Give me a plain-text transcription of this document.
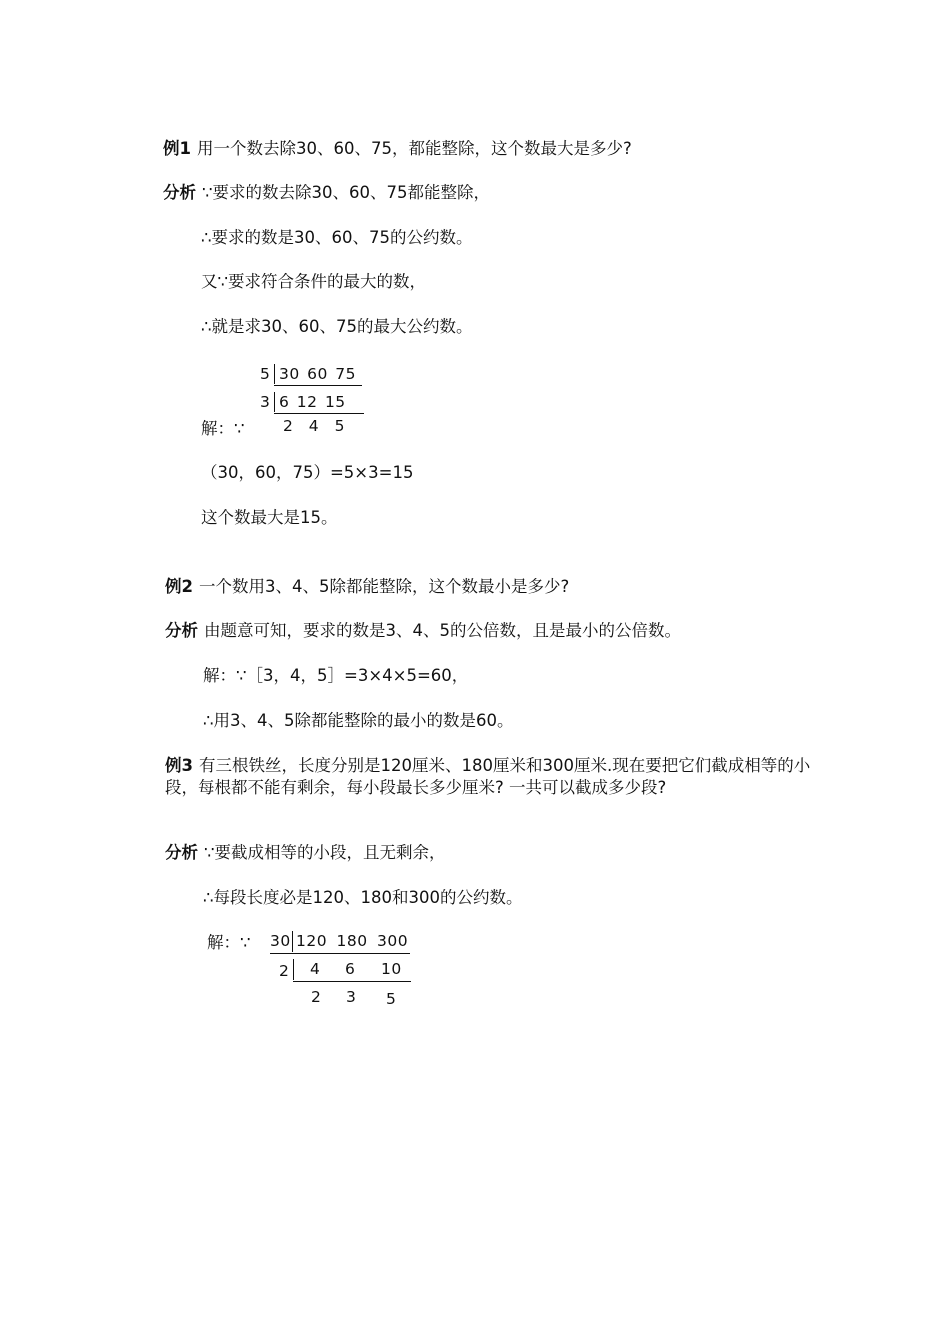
例1 用一个数去除30、60、75，都能整除，这个数最大是多少?
分析 ∵要求的数去除30、60、75都能整除，
∴要求的数是30、60、75的公约数。
又∵要求符合条件的最大的数，
∴就是求30、60、75的最大公约数。
5 30 60 75
3 6 12 15
2 4 5
解：∵
（30，60，75）=5×3=15
这个数最大是15。
例2 一个数用3、4、5除都能整除，这个数最小是多少?
分析 由题意可知，要求的数是3、4、5的公倍数，且是最小的公倍数。
解：∵［3，4，5］=3×4×5=60，
∴用3、4、5除都能整除的最小的数是60。
例3 有三根铁丝，长度分别是120厘米、180厘米和300厘米.现在要把它们截成相等的小段，每根都不能有剩余，每小段最长多少厘米? 一共可以截成多少段?
分析 ∵要截成相等的小段，且无剩余，
∴每段长度必是120、180和300的公约数。
解：∵ 30 120 180 300
2 4 6 10
2 3 5
